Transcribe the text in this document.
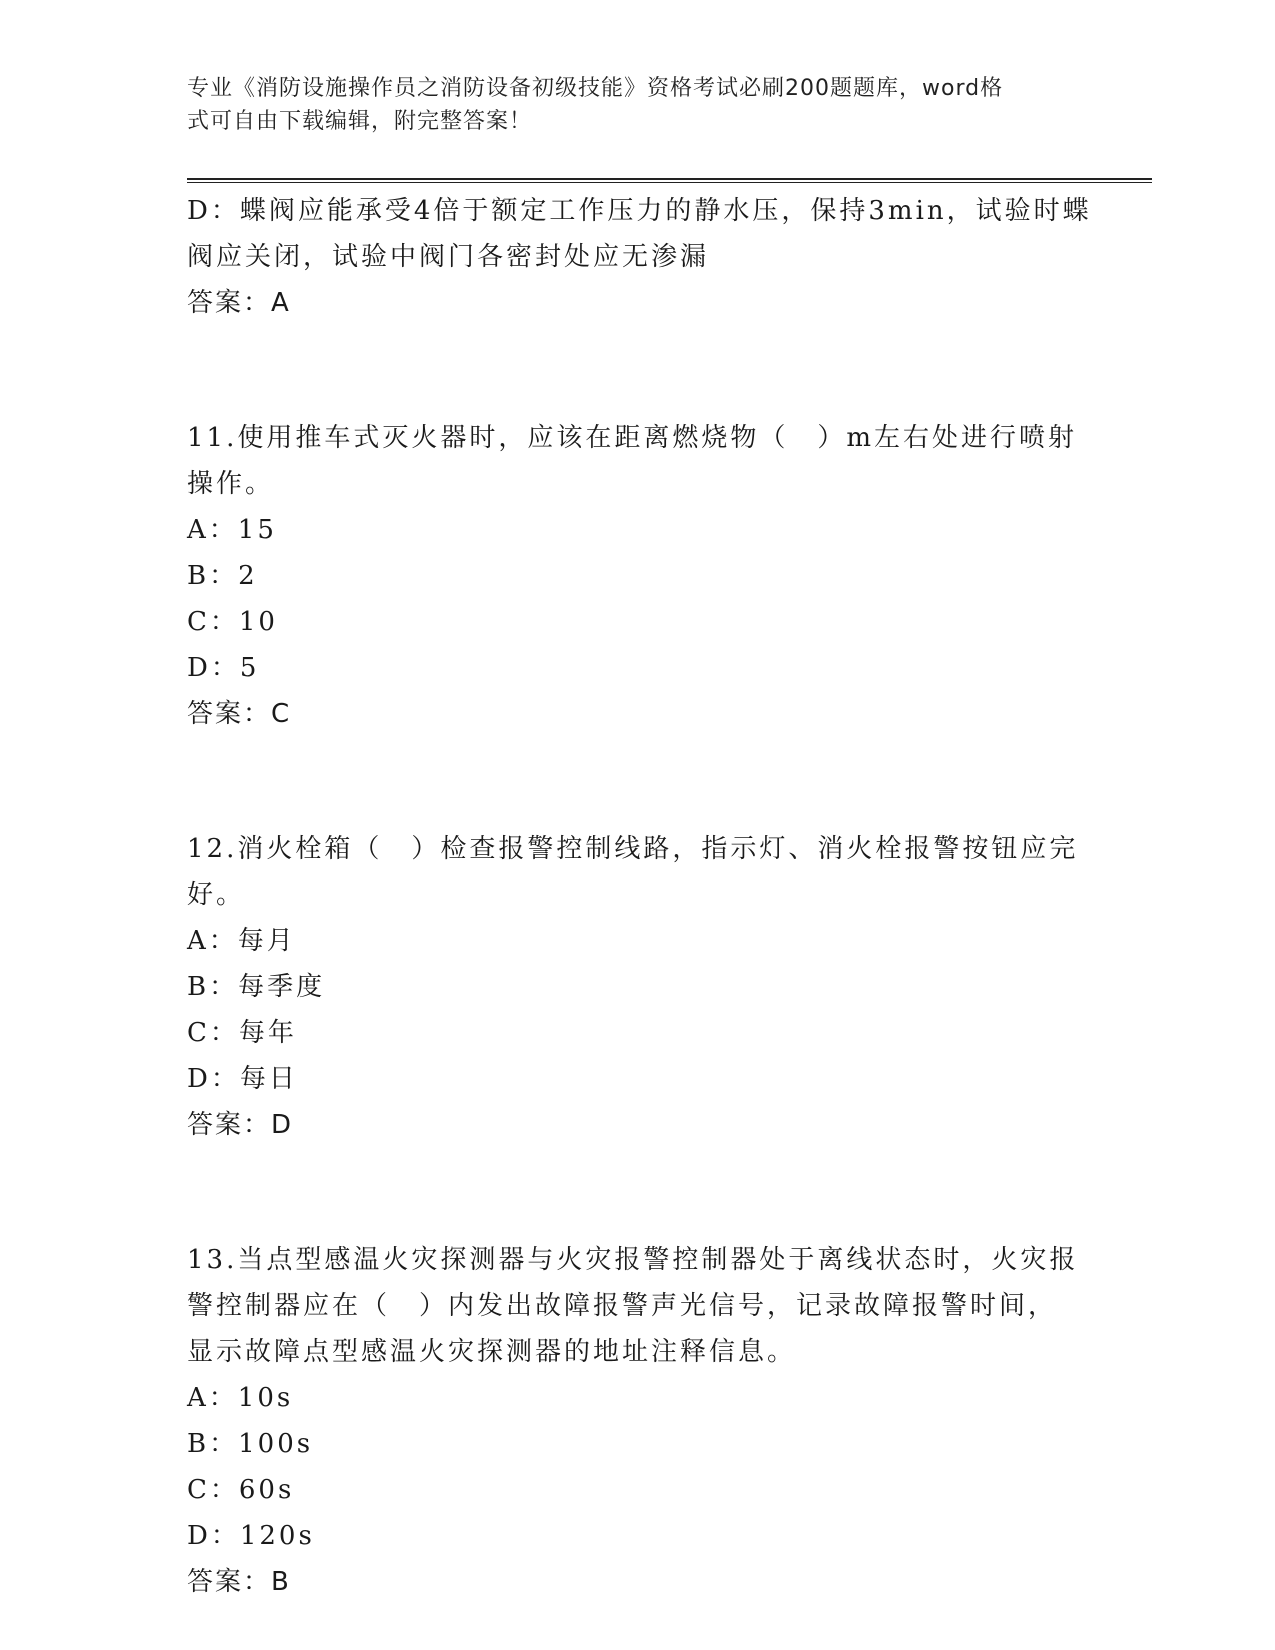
专业《消防设施操作员之消防设备初级技能》资格考试必刷200题题库，word格
式可自由下载编辑，附完整答案！
D：蝶阀应能承受4倍于额定工作压力的静水压，保持3min，试验时蝶
阀应关闭，试验中阀门各密封处应无渗漏
答案：A
11.使用推车式灭火器时，应该在距离燃烧物（　）m左右处进行喷射
操作。
A：15
B：2
C：10
D：5
答案：C
12.消火栓箱（　）检查报警控制线路，指示灯、消火栓报警按钮应完
好。
A：每月
B：每季度
C：每年
D：每日
答案：D
13.当点型感温火灾探测器与火灾报警控制器处于离线状态时，火灾报
警控制器应在（　）内发出故障报警声光信号，记录故障报警时间，
显示故障点型感温火灾探测器的地址注释信息。
A：10s
B：100s
C：60s
D：120s
答案：B
